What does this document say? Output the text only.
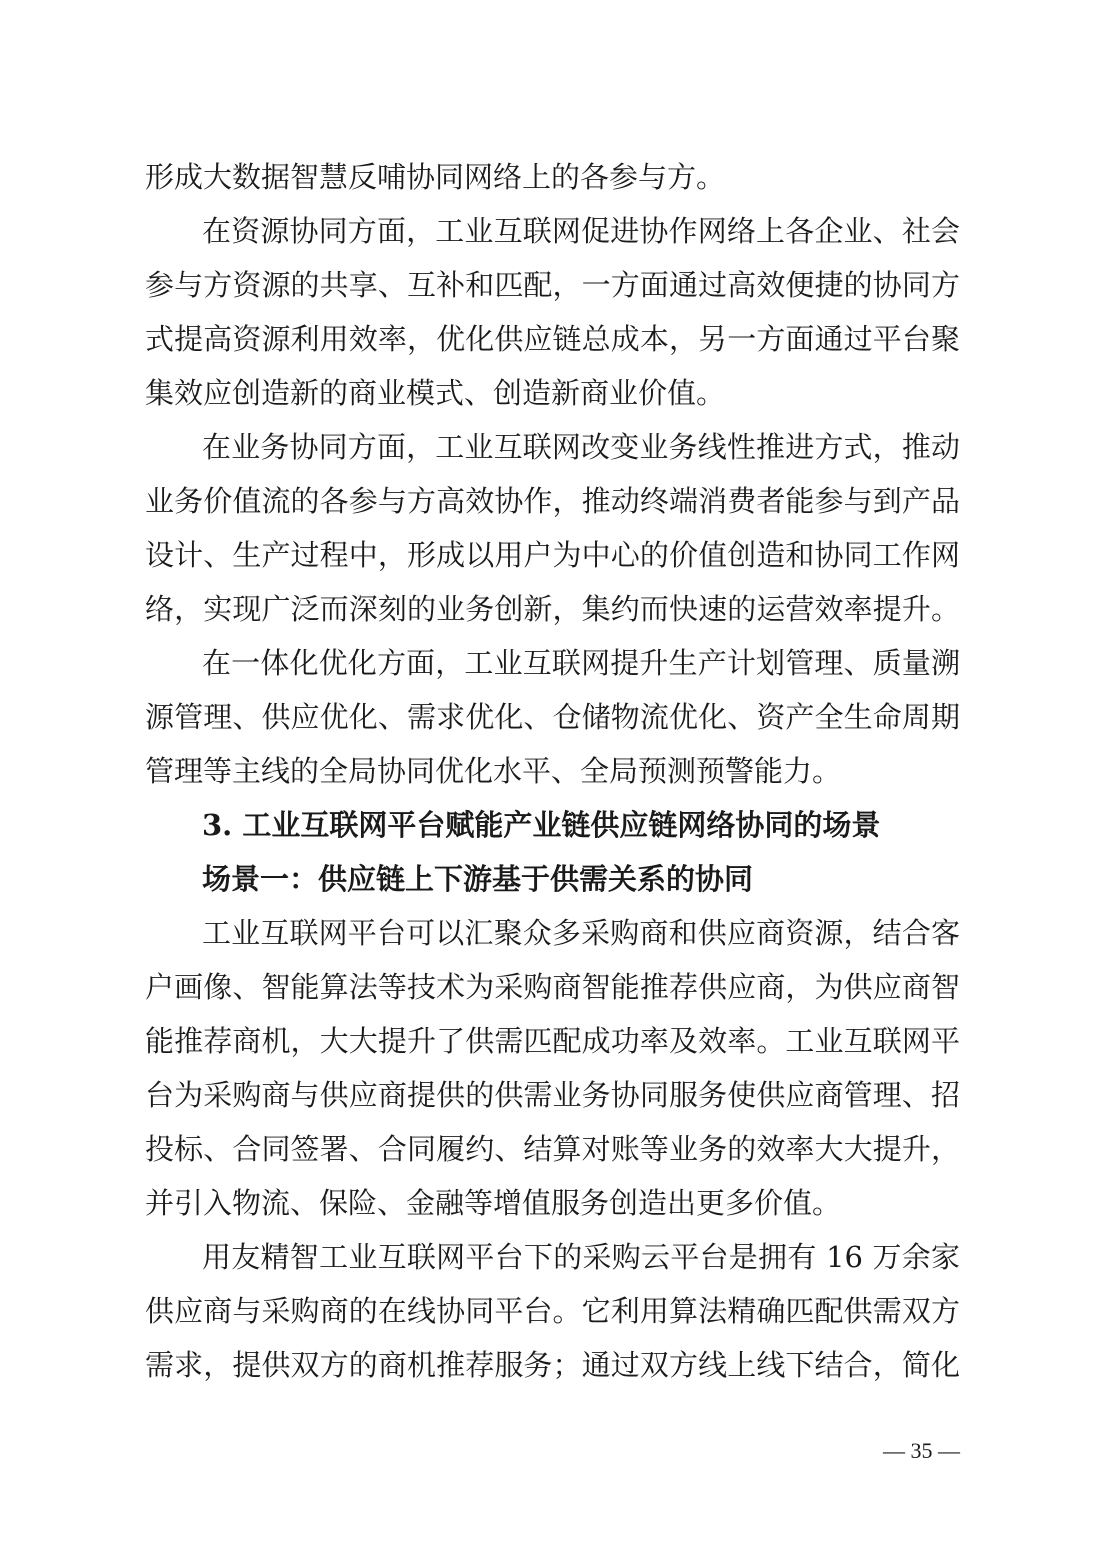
形成大数据智慧反哺协同网络上的各参与方。
在资源协同方面，工业互联网促进协作网络上各企业、社会
参与方资源的共享、互补和匹配，一方面通过高效便捷的协同方
式提高资源利用效率，优化供应链总成本，另一方面通过平台聚
集效应创造新的商业模式、创造新商业价值。
在业务协同方面，工业互联网改变业务线性推进方式，推动
业务价值流的各参与方高效协作，推动终端消费者能参与到产品
设计、生产过程中，形成以用户为中心的价值创造和协同工作网
络，实现广泛而深刻的业务创新，集约而快速的运营效率提升。
在一体化优化方面，工业互联网提升生产计划管理、质量溯
源管理、供应优化、需求优化、仓储物流优化、资产全生命周期
管理等主线的全局协同优化水平、全局预测预警能力。
3. 工业互联网平台赋能产业链供应链网络协同的场景
场景一：供应链上下游基于供需关系的协同
工业互联网平台可以汇聚众多采购商和供应商资源，结合客
户画像、智能算法等技术为采购商智能推荐供应商，为供应商智
能推荐商机，大大提升了供需匹配成功率及效率。工业互联网平
台为采购商与供应商提供的供需业务协同服务使供应商管理、招
投标、合同签署、合同履约、结算对账等业务的效率大大提升，
并引入物流、保险、金融等增值服务创造出更多价值。
用友精智工业互联网平台下的采购云平台是拥有 16 万余家
供应商与采购商的在线协同平台。它利用算法精确匹配供需双方
需求，提供双方的商机推荐服务；通过双方线上线下结合，简化
— 35 —
